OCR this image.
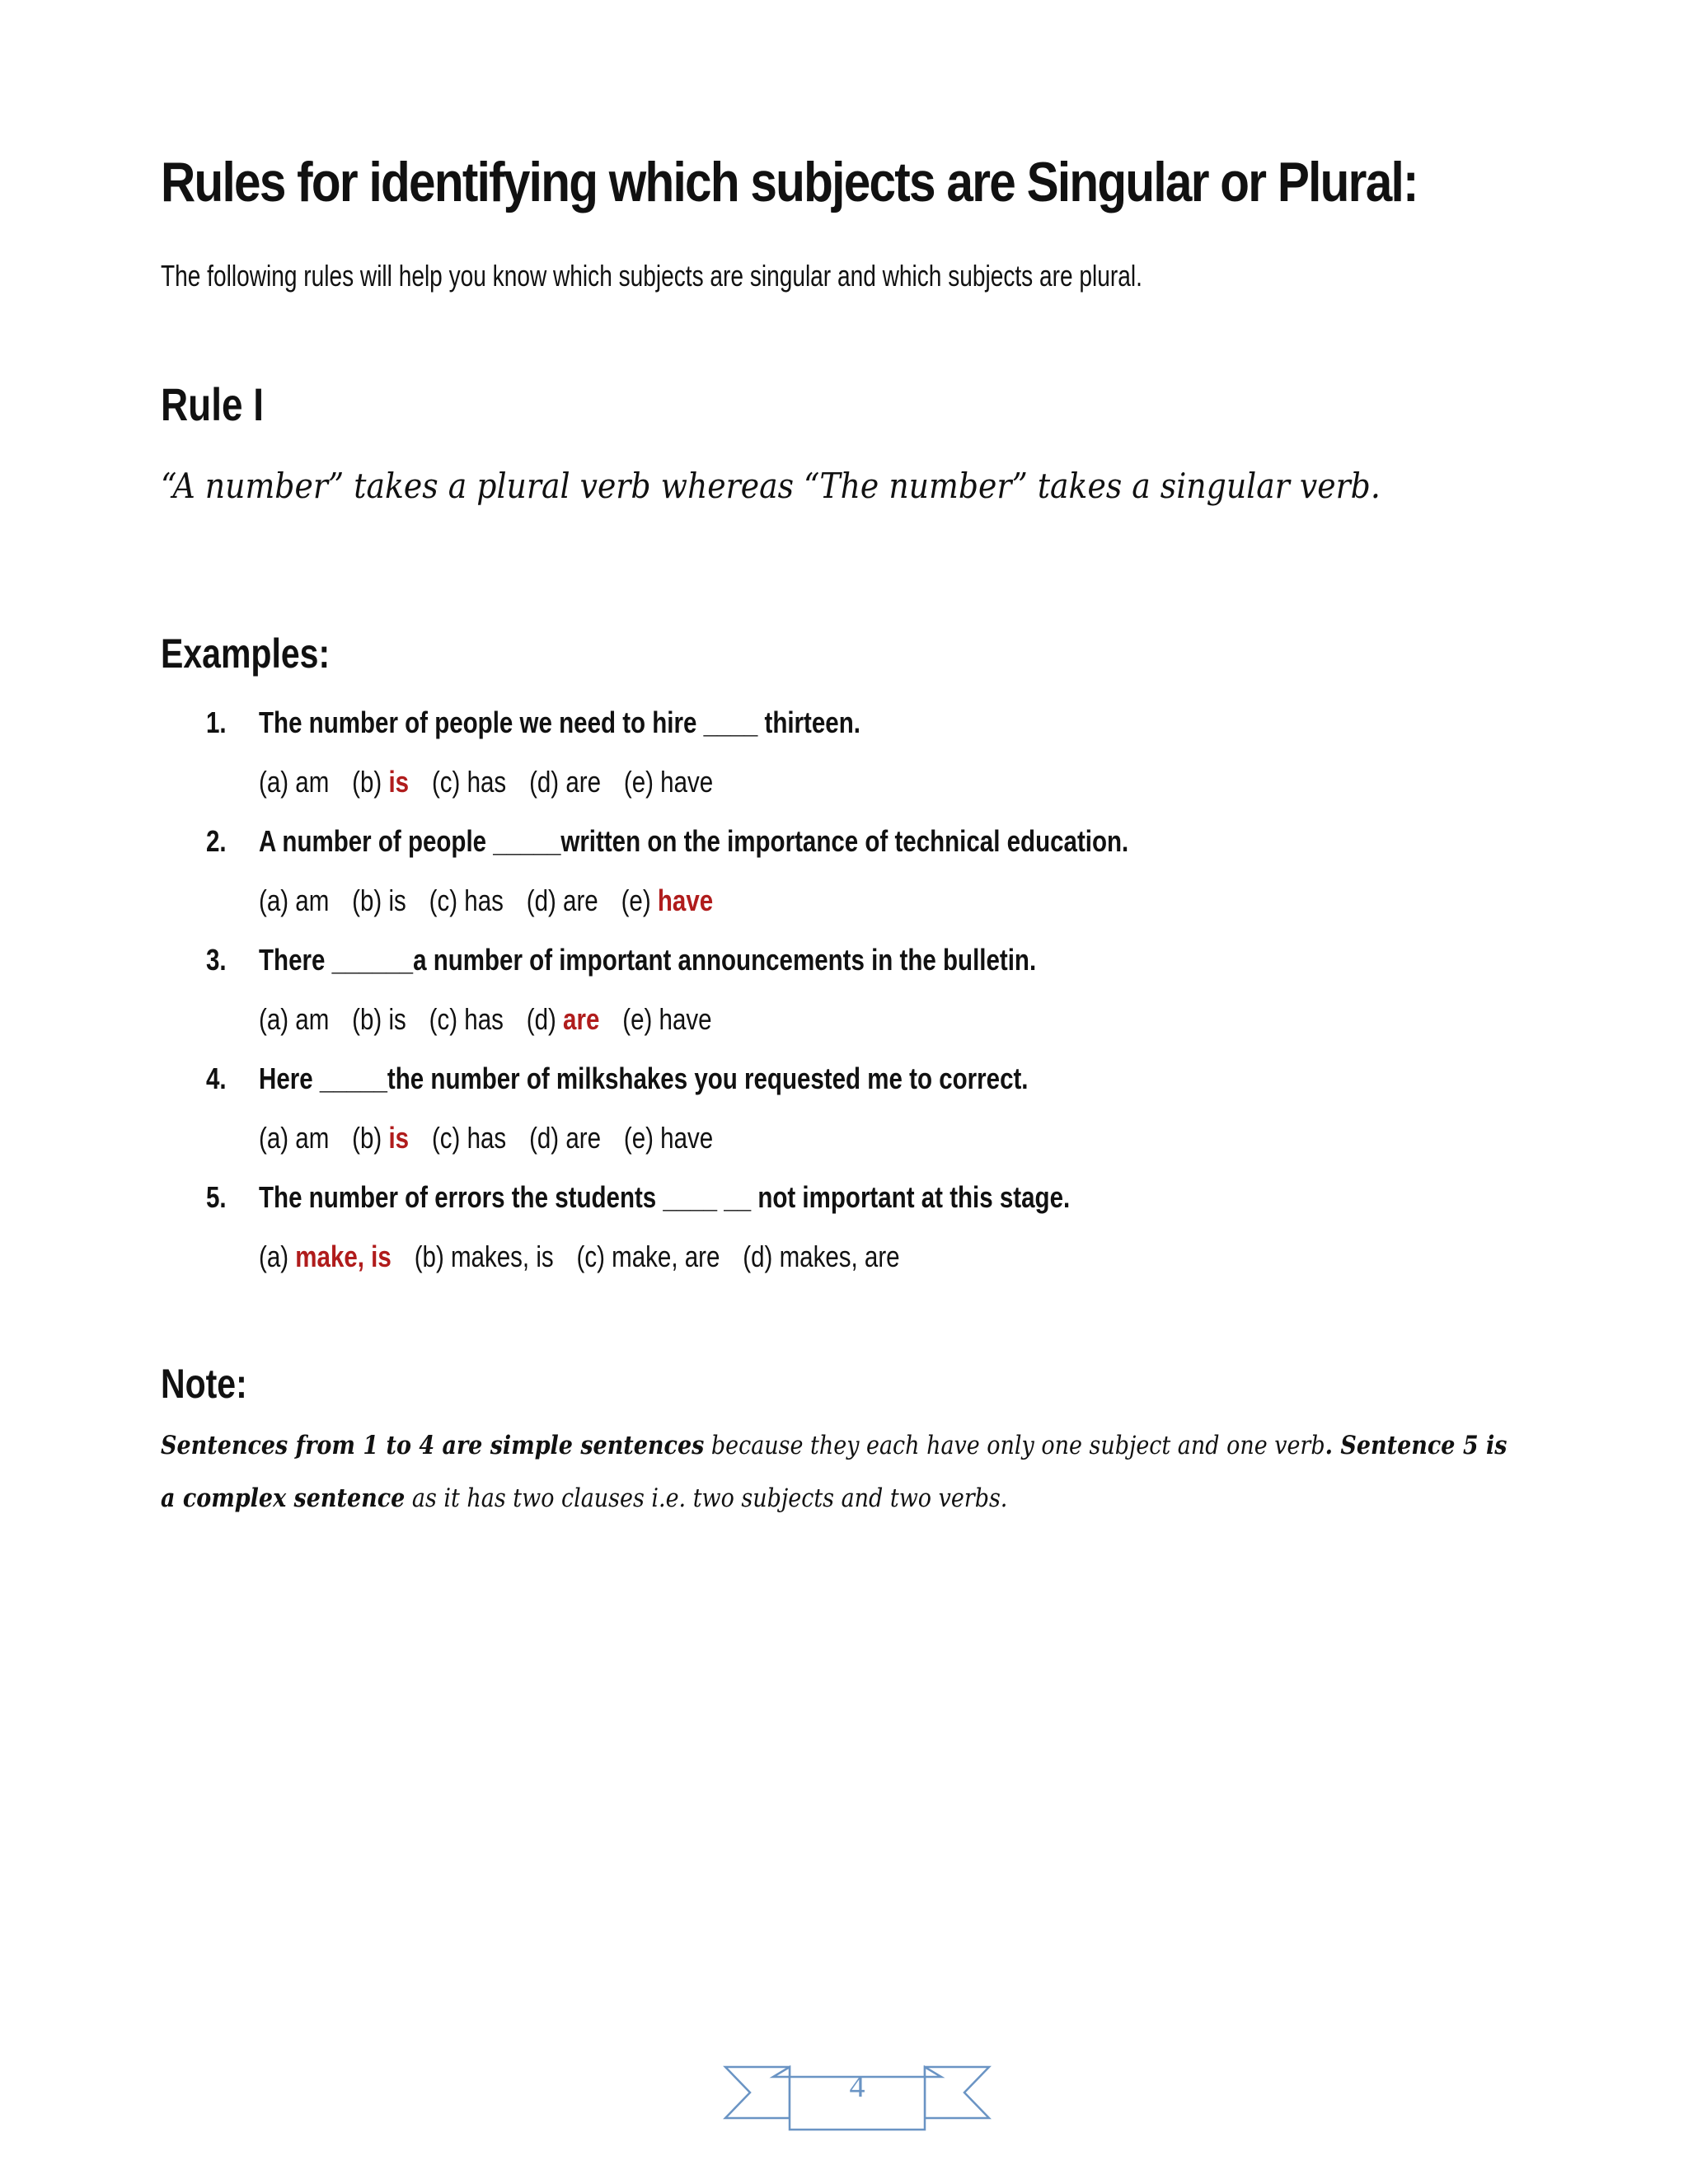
Rules for identifying which subjects are Singular or Plural:

The following rules will help you know which subjects are singular and which subjects are plural.

Rule I

“A number” takes a plural verb whereas “The number” takes a singular verb.

Examples:
1. The number of people we need to hire ____ thirteen.
(a) am (b) is (c) has (d) are (e) have
2. A number of people _____written on the importance of technical education.
(a) am (b) is (c) has (d) are (e) have
3. There ______a number of important announcements in the bulletin.
(a) am (b) is (c) has (d) are (e) have
4. Here _____the number of milkshakes you requested me to correct.
(a) am (b) is (c) has (d) are (e) have
5. The number of errors the students ____ __ not important at this stage.
(a) make, is (b) makes, is (c) make, are (d) makes, are
Note:

Sentences from 1 to 4 are simple sentences because they each have only one subject and one verb. Sentence 5 is a complex sentence as it has two clauses i.e. two subjects and two verbs.

4
